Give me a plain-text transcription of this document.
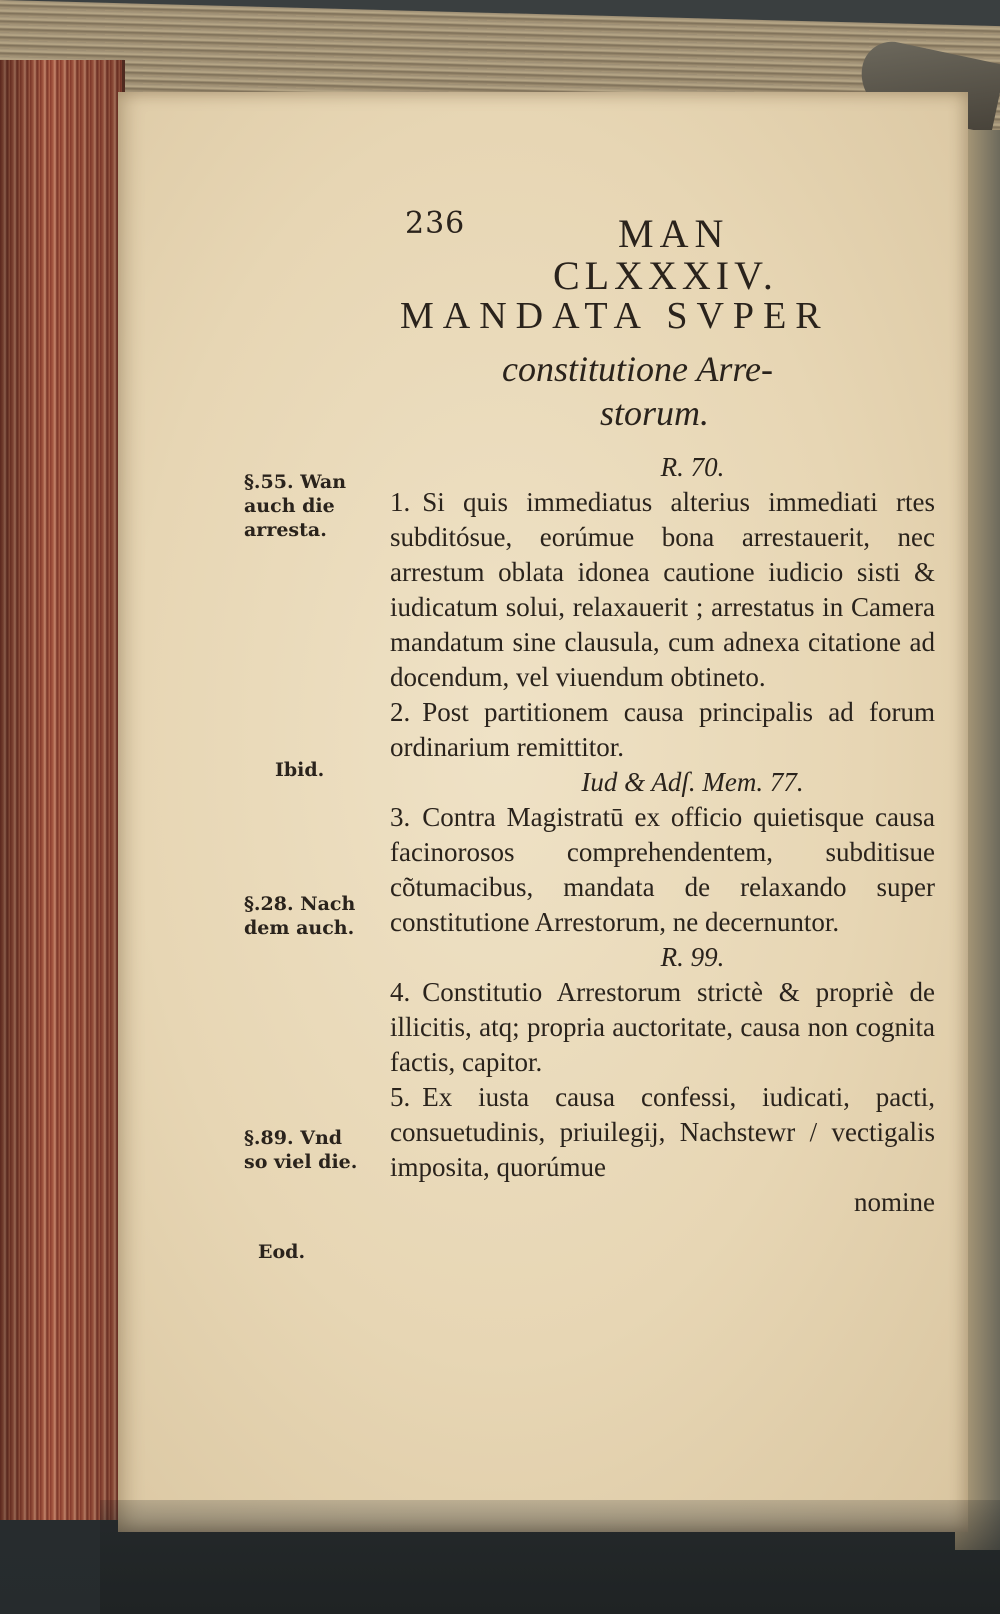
236	MAN
CLXXXIV.
MANDATA SVPER
constitutione Arre-
storum.
§.55. Wan
auch die
arresta.
Ibid.
§.28. Nach
dem auch.
§.89. Vnd
so viel die.
Eod.

R. 70.

1. Si quis immediatus alterius immediati rtes subditósue, eorúmue bona arrestauerit, nec arrestum oblata idonea cautione iudicio sisti & iudicatum solui, relaxauerit ; arrestatus in Camera mandatum sine clausula, cum adnexa citatione ad docendum, vel viuendum obtineto.

2. Post partitionem causa principalis ad forum ordinarium remittitor.

Iud & Adſ. Mem. 77.

3. Contra Magistratū ex officio quietisque causa facinorosos comprehendentem, subditisue cõtumacibus, mandata de relaxando super constitutione Arrestorum, ne decernuntor.

R. 99.

4. Constitutio Arrestorum strictè & propriè de illicitis, atq; propria auctoritate, causa non cognita factis, capitor.

5. Ex iusta causa confessi, iudicati, pacti, consuetudinis, priuilegij, Nachstewr / vectigalis imposita, quorúmue

nomine
